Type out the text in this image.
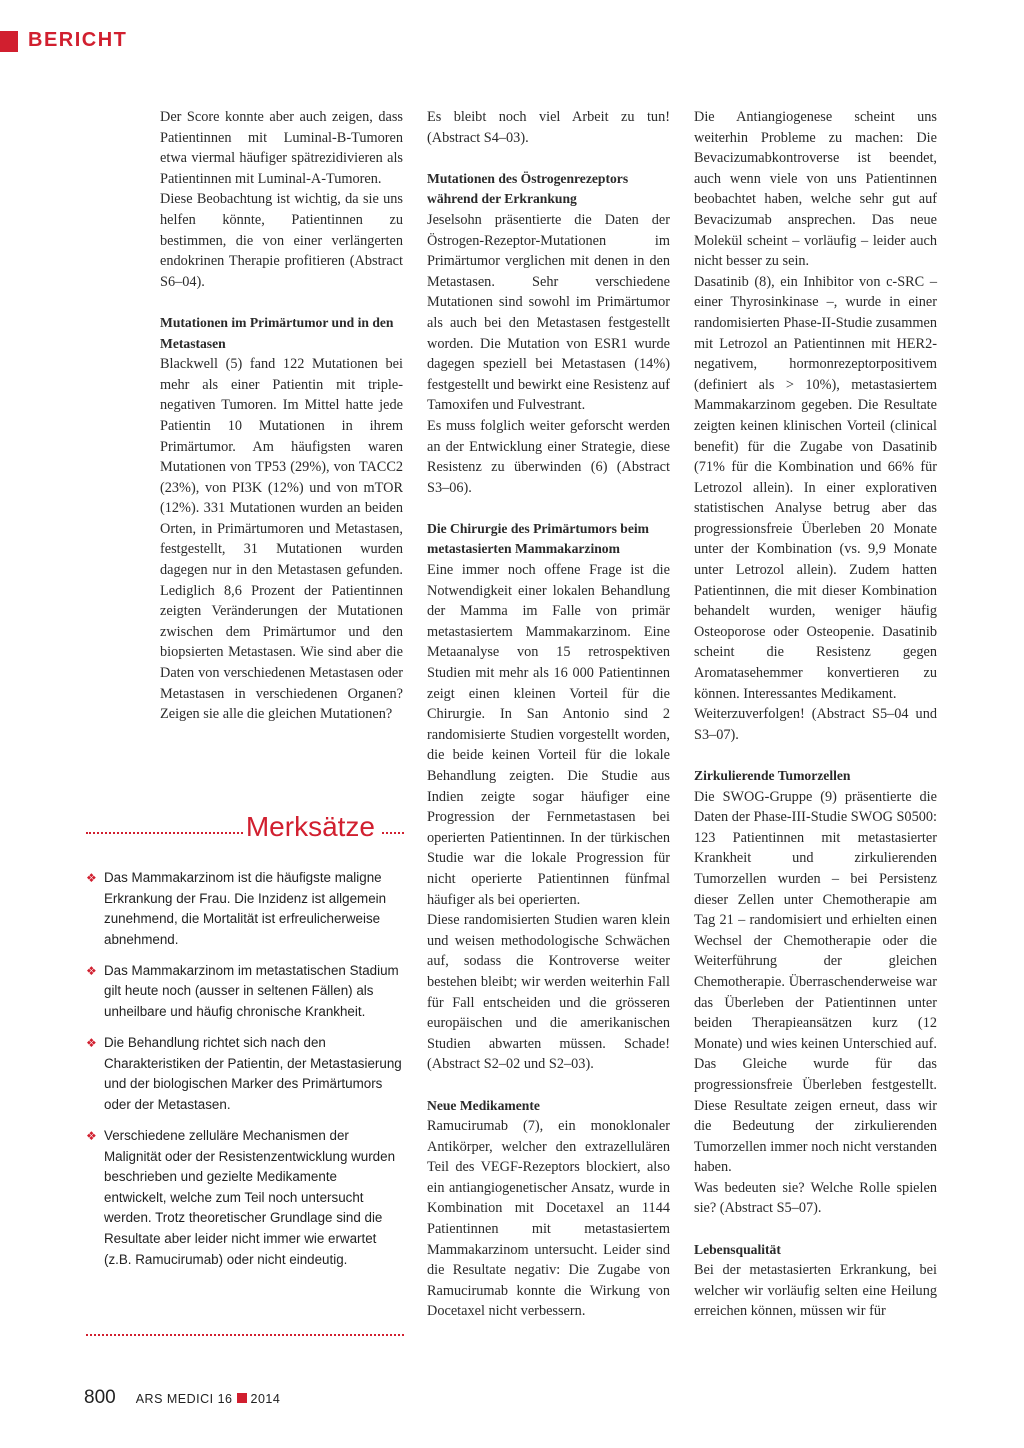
BERICHT

Der Score konnte aber auch zeigen, dass Patientinnen mit Luminal-B-Tumoren etwa viermal häufiger spätrezidivieren als Patientinnen mit Luminal-A-Tumoren.

Diese Beobachtung ist wichtig, da sie uns helfen könnte, Patientinnen zu bestimmen, die von einer verlängerten endokrinen Therapie profitieren (Abstract S6–04).

Mutationen im Primärtumor und in den Metastasen

Blackwell (5) fand 122 Mutationen bei mehr als einer Patientin mit triple-negativen Tumoren. Im Mittel hatte jede Patientin 10 Mutationen in ihrem Primärtumor. Am häufigsten waren Mutationen von TP53 (29%), von TACC2 (23%), von PI3K (12%) und von mTOR (12%). 331 Mutationen wurden an beiden Orten, in Primärtumoren und Metastasen, festgestellt, 31 Mutationen wurden dagegen nur in den Metastasen gefunden. Lediglich 8,6 Prozent der Patientinnen zeigten Veränderungen der Mutationen zwischen dem Primärtumor und den biopsierten Metastasen. Wie sind aber die Daten von verschiedenen Metastasen oder Metastasen in verschiedenen Organen? Zeigen sie alle die gleichen Mutationen?

Merksätze
❖ Das Mammakarzinom ist die häufigste maligne Erkrankung der Frau. Die Inzidenz ist allgemein zunehmend, die Mortalität ist erfreulicherweise abnehmend.
❖ Das Mammakarzinom im metastatischen Stadium gilt heute noch (ausser in seltenen Fällen) als unheilbare und häufig chronische Krankheit.
❖ Die Behandlung richtet sich nach den Charakteristiken der Patientin, der Metastasierung und der biologischen Marker des Primärtumors oder der Metastasen.
❖ Verschiedene zelluläre Mechanismen der Malignität oder der Resistenzentwicklung wurden beschrieben und gezielte Medikamente entwickelt, welche zum Teil noch untersucht werden. Trotz theoretischer Grundlage sind die Resultate aber leider nicht immer wie erwartet (z.B. Ramucirumab) oder nicht eindeutig.

Es bleibt noch viel Arbeit zu tun! (Abstract S4–03).

Mutationen des Östrogenrezeptors während der Erkrankung

Jeselsohn präsentierte die Daten der Östrogen-Rezeptor-Mutationen im Primärtumor verglichen mit denen in den Metastasen. Sehr verschiedene Mutationen sind sowohl im Primärtumor als auch bei den Metastasen festgestellt worden. Die Mutation von ESR1 wurde dagegen speziell bei Metastasen (14%) festgestellt und bewirkt eine Resistenz auf Tamoxifen und Fulvestrant.

Es muss folglich weiter geforscht werden an der Entwicklung einer Strategie, diese Resistenz zu überwinden (6) (Abstract S3–06).

Die Chirurgie des Primärtumors beim metastasierten Mammakarzinom

Eine immer noch offene Frage ist die Notwendigkeit einer lokalen Behandlung der Mamma im Falle von primär metastasiertem Mammakarzinom. Eine Metaanalyse von 15 retrospektiven Studien mit mehr als 16 000 Patientinnen zeigt einen kleinen Vorteil für die Chirurgie. In San Antonio sind 2 randomisierte Studien vorgestellt worden, die beide keinen Vorteil für die lokale Behandlung zeigten. Die Studie aus Indien zeigte sogar häufiger eine Progression der Fernmetastasen bei operierten Patientinnen. In der türkischen Studie war die lokale Progression für nicht operierte Patientinnen fünfmal häufiger als bei operierten.

Diese randomisierten Studien waren klein und weisen methodologische Schwächen auf, sodass die Kontroverse weiter bestehen bleibt; wir werden weiterhin Fall für Fall entscheiden und die grösseren europäischen und die amerikanischen Studien abwarten müssen. Schade! (Abstract S2–02 und S2–03).

Neue Medikamente

Ramucirumab (7), ein monoklonaler Antikörper, welcher den extrazellulären Teil des VEGF-Rezeptors blockiert, also ein antiangiogenetischer Ansatz, wurde in Kombination mit Docetaxel an 1144 Patientinnen mit metastasiertem Mammakarzinom untersucht. Leider sind die Resultate negativ: Die Zugabe von Ramucirumab konnte die Wirkung von Docetaxel nicht verbessern.

Die Antiangiogenese scheint uns weiterhin Probleme zu machen: Die Bevacizumabkontroverse ist beendet, auch wenn viele von uns Patientinnen beobachtet haben, welche sehr gut auf Bevacizumab ansprechen. Das neue Molekül scheint – vorläufig – leider auch nicht besser zu sein.

Dasatinib (8), ein Inhibitor von c-SRC – einer Thyrosinkinase –, wurde in einer randomisierten Phase-II-Studie zusammen mit Letrozol an Patientinnen mit HER2-negativem, hormonrezeptorpositivem (definiert als > 10%), metastasiertem Mammakarzinom gegeben. Die Resultate zeigten keinen klinischen Vorteil (clinical benefit) für die Zugabe von Dasatinib (71% für die Kombination und 66% für Letrozol allein). In einer explorativen statistischen Analyse betrug aber das progressionsfreie Überleben 20 Monate unter der Kombination (vs. 9,9 Monate unter Letrozol allein). Zudem hatten Patientinnen, die mit dieser Kombination behandelt wurden, weniger häufig Osteoporose oder Osteopenie. Dasatinib scheint die Resistenz gegen Aromatasehemmer konvertieren zu können. Interessantes Medikament.

Weiterzuverfolgen! (Abstract S5–04 und S3–07).

Zirkulierende Tumorzellen

Die SWOG-Gruppe (9) präsentierte die Daten der Phase-III-Studie SWOG S0500: 123 Patientinnen mit metastasierter Krankheit und zirkulierenden Tumorzellen wurden – bei Persistenz dieser Zellen unter Chemotherapie am Tag 21 – randomisiert und erhielten einen Wechsel der Chemotherapie oder die Weiterführung der gleichen Chemotherapie. Überraschenderweise war das Überleben der Patientinnen unter beiden Therapieansätzen kurz (12 Monate) und wies keinen Unterschied auf. Das Gleiche wurde für das progressionsfreie Überleben festgestellt. Diese Resultate zeigen erneut, dass wir die Bedeutung der zirkulierenden Tumorzellen immer noch nicht verstanden haben.

Was bedeuten sie? Welche Rolle spielen sie? (Abstract S5–07).

Lebensqualität

Bei der metastasierten Erkrankung, bei welcher wir vorläufig selten eine Heilung erreichen können, müssen wir für

800 ARS MEDICI 16 2014
